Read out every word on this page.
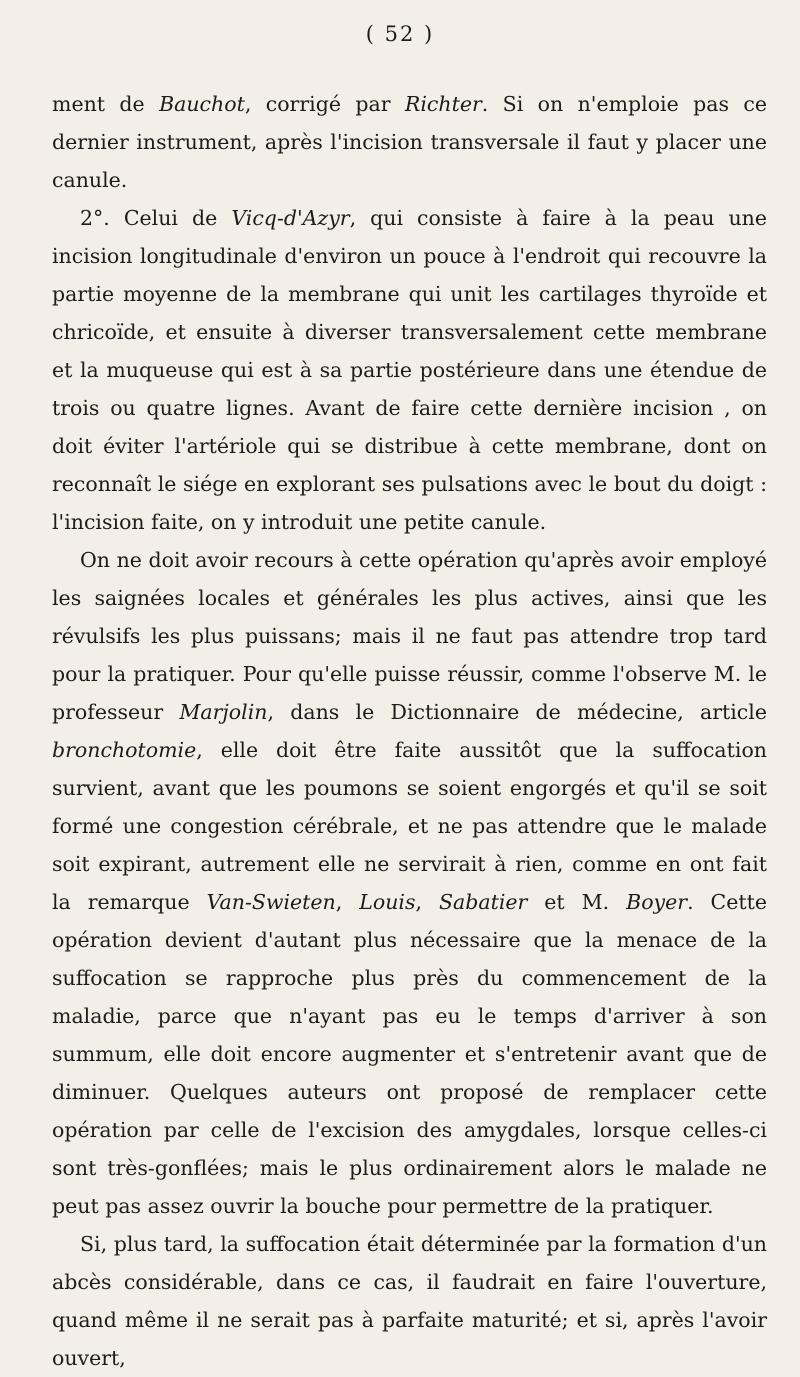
( 52 )

ment de Bauchot, corrigé par Richter. Si on n'emploie pas ce dernier instrument, après l'incision transversale il faut y placer une canule.

2°. Celui de Vicq-d'Azyr, qui consiste à faire à la peau une incision longitudinale d'environ un pouce à l'endroit qui recouvre la partie moyenne de la membrane qui unit les cartilages thyroïde et chricoïde, et ensuite à diverser transversalement cette membrane et la muqueuse qui est à sa partie postérieure dans une étendue de trois ou quatre lignes. Avant de faire cette dernière incision , on doit éviter l'artériole qui se distribue à cette membrane, dont on reconnaît le siége en explorant ses pulsations avec le bout du doigt : l'incision faite, on y introduit une petite canule.

On ne doit avoir recours à cette opération qu'après avoir employé les saignées locales et générales les plus actives, ainsi que les révulsifs les plus puissans; mais il ne faut pas attendre trop tard pour la pratiquer. Pour qu'elle puisse réussir, comme l'observe M. le professeur Marjolin, dans le Dictionnaire de médecine, article bronchotomie, elle doit être faite aussitôt que la suffocation survient, avant que les poumons se soient engorgés et qu'il se soit formé une congestion cérébrale, et ne pas attendre que le malade soit expirant, autrement elle ne servirait à rien, comme en ont fait la remarque Van-Swieten, Louis, Sabatier et M. Boyer. Cette opération devient d'autant plus nécessaire que la menace de la suffocation se rapproche plus près du commencement de la maladie, parce que n'ayant pas eu le temps d'arriver à son summum, elle doit encore augmenter et s'entretenir avant que de diminuer. Quelques auteurs ont proposé de remplacer cette opération par celle de l'excision des amygdales, lorsque celles-ci sont très-gonflées; mais le plus ordinairement alors le malade ne peut pas assez ouvrir la bouche pour permettre de la pratiquer.

Si, plus tard, la suffocation était déterminée par la formation d'un abcès considérable, dans ce cas, il faudrait en faire l'ouverture, quand même il ne serait pas à parfaite maturité; et si, après l'avoir ouvert,
